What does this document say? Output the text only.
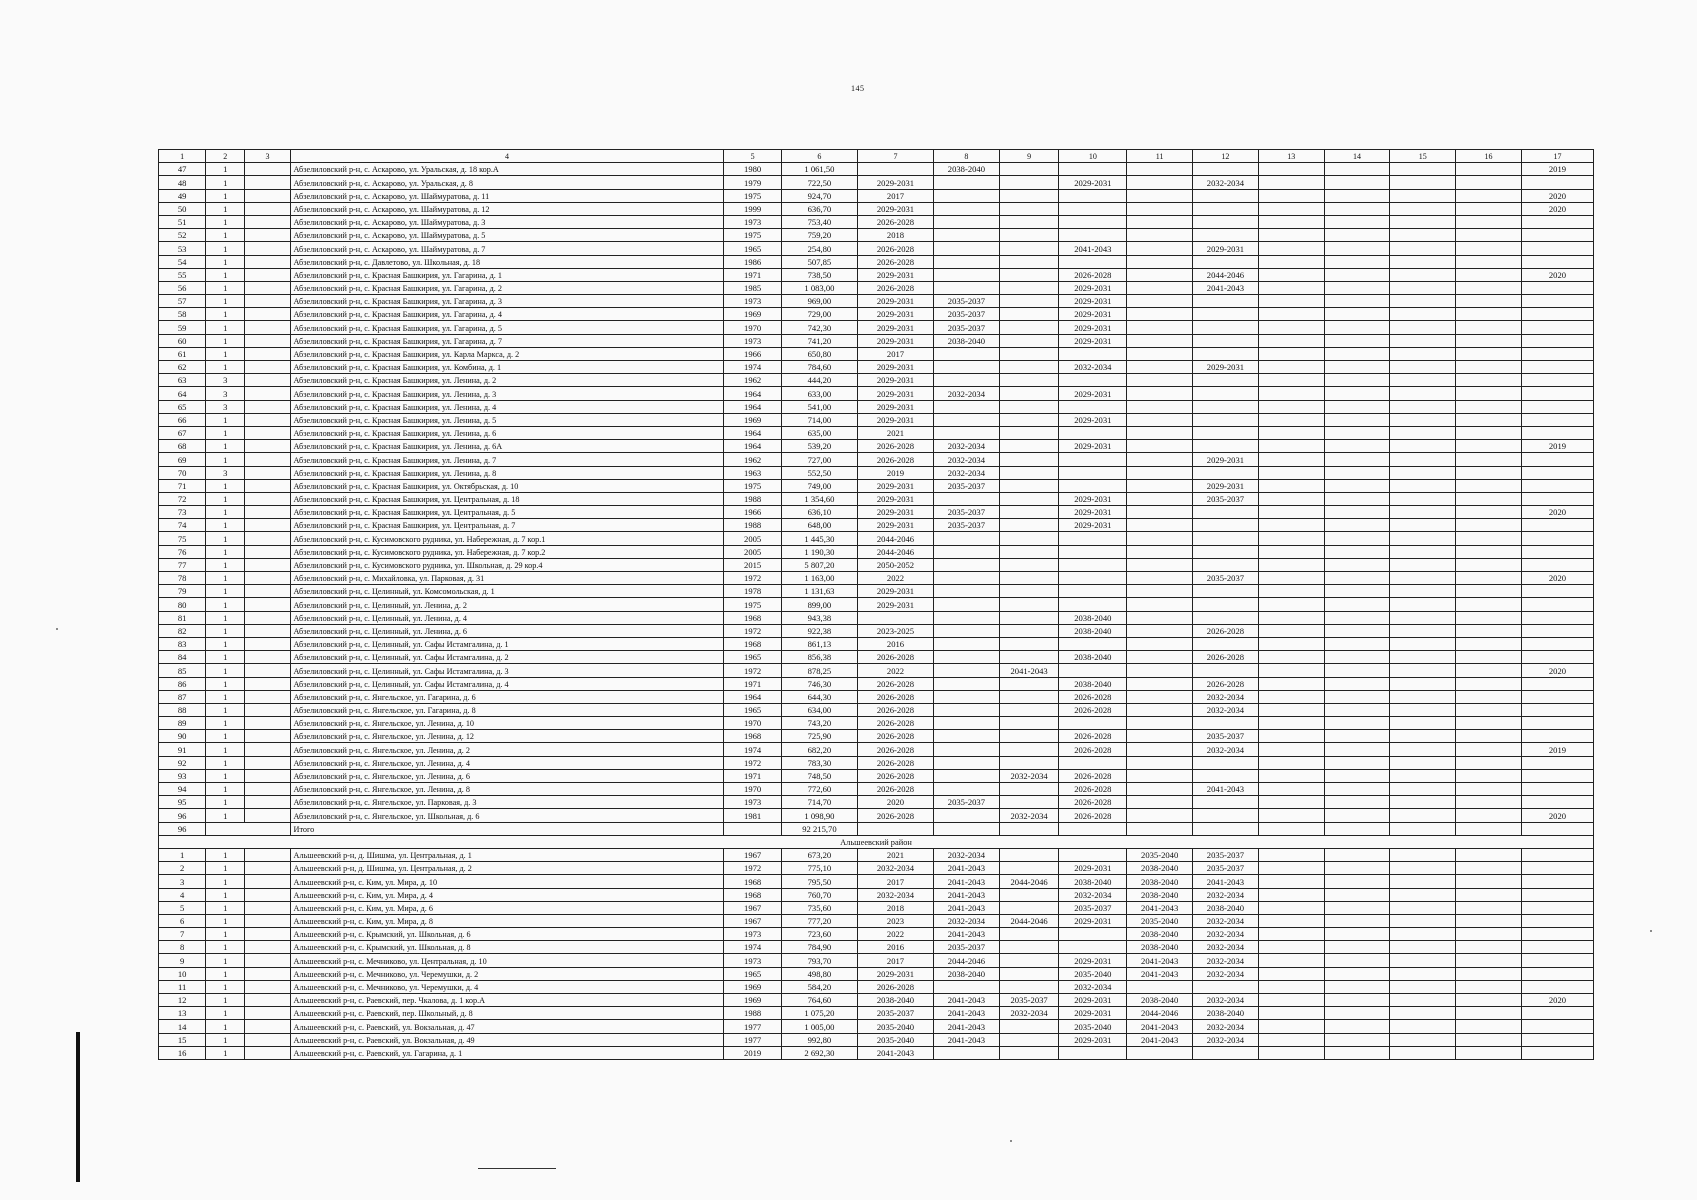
145
1	2	3	4	5	6	7	8	9	10	11	12	13	14	15	16	17
47	1		Абзелиловский р-н, с. Аскарово, ул. Уральская, д. 18 кор.А	1980	1 061,50		2038-2040									2019
48	1		Абзелиловский р-н, с. Аскарово, ул. Уральская, д. 8	1979	722,50	2029-2031			2029-2031		2032-2034					
49	1		Абзелиловский р-н, с. Аскарово, ул. Шаймуратова, д. 11	1975	924,70	2017										2020
50	1		Абзелиловский р-н, с. Аскарово, ул. Шаймуратова, д. 12	1999	636,70	2029-2031										2020
51	1		Абзелиловский р-н, с. Аскарово, ул. Шаймуратова, д. 3	1973	753,40	2026-2028										
52	1		Абзелиловский р-н, с. Аскарово, ул. Шаймуратова, д. 5	1975	759,20	2018										
53	1		Абзелиловский р-н, с. Аскарово, ул. Шаймуратова, д. 7	1965	254,80	2026-2028			2041-2043		2029-2031					
54	1		Абзелиловский р-н, с. Давлетово, ул. Школьная, д. 18	1986	507,85	2026-2028										
55	1		Абзелиловский р-н, с. Красная Башкирия, ул. Гагарина, д. 1	1971	738,50	2029-2031			2026-2028		2044-2046					2020
56	1		Абзелиловский р-н, с. Красная Башкирия, ул. Гагарина, д. 2	1985	1 083,00	2026-2028			2029-2031		2041-2043					
57	1		Абзелиловский р-н, с. Красная Башкирия, ул. Гагарина, д. 3	1973	969,00	2029-2031	2035-2037		2029-2031							
58	1		Абзелиловский р-н, с. Красная Башкирия, ул. Гагарина, д. 4	1969	729,00	2029-2031	2035-2037		2029-2031							
59	1		Абзелиловский р-н, с. Красная Башкирия, ул. Гагарина, д. 5	1970	742,30	2029-2031	2035-2037		2029-2031							
60	1		Абзелиловский р-н, с. Красная Башкирия, ул. Гагарина, д. 7	1973	741,20	2029-2031	2038-2040		2029-2031							
61	1		Абзелиловский р-н, с. Красная Башкирия, ул. Карла Маркса, д. 2	1966	650,80	2017										
62	1		Абзелиловский р-н, с. Красная Башкирия, ул. Комбина, д. 1	1974	784,60	2029-2031			2032-2034		2029-2031					
63	3		Абзелиловский р-н, с. Красная Башкирия, ул. Ленина, д. 2	1962	444,20	2029-2031										
64	3		Абзелиловский р-н, с. Красная Башкирия, ул. Ленина, д. 3	1964	633,00	2029-2031	2032-2034		2029-2031							
65	3		Абзелиловский р-н, с. Красная Башкирия, ул. Ленина, д. 4	1964	541,00	2029-2031										
66	1		Абзелиловский р-н, с. Красная Башкирия, ул. Ленина, д. 5	1969	714,00	2029-2031			2029-2031							
67	1		Абзелиловский р-н, с. Красная Башкирия, ул. Ленина, д. 6	1964	635,00	2021										
68	1		Абзелиловский р-н, с. Красная Башкирия, ул. Ленина, д. 6А	1964	539,20	2026-2028	2032-2034		2029-2031							2019
69	1		Абзелиловский р-н, с. Красная Башкирия, ул. Ленина, д. 7	1962	727,00	2026-2028	2032-2034				2029-2031					
70	3		Абзелиловский р-н, с. Красная Башкирия, ул. Ленина, д. 8	1963	552,50	2019	2032-2034									
71	1		Абзелиловский р-н, с. Красная Башкирия, ул. Октябрьская, д. 10	1975	749,00	2029-2031	2035-2037				2029-2031					
72	1		Абзелиловский р-н, с. Красная Башкирия, ул. Центральная, д. 18	1988	1 354,60	2029-2031			2029-2031		2035-2037					
73	1		Абзелиловский р-н, с. Красная Башкирия, ул. Центральная, д. 5	1966	636,10	2029-2031	2035-2037		2029-2031							2020
74	1		Абзелиловский р-н, с. Красная Башкирия, ул. Центральная, д. 7	1988	648,00	2029-2031	2035-2037		2029-2031							
75	1		Абзелиловский р-н, с. Кусимовского рудника, ул. Набережная, д. 7 кор.1	2005	1 445,30	2044-2046										
76	1		Абзелиловский р-н, с. Кусимовского рудника, ул. Набережная, д. 7 кор.2	2005	1 190,30	2044-2046										
77	1		Абзелиловский р-н, с. Кусимовского рудника, ул. Школьная, д. 29 кор.4	2015	5 807,20	2050-2052										
78	1		Абзелиловский р-н, с. Михайловка, ул. Парковая, д. 31	1972	1 163,00	2022					2035-2037					2020
79	1		Абзелиловский р-н, с. Целинный, ул. Комсомольская, д. 1	1978	1 131,63	2029-2031										
80	1		Абзелиловский р-н, с. Целинный, ул. Ленина, д. 2	1975	899,00	2029-2031										
81	1		Абзелиловский р-н, с. Целинный, ул. Ленина, д. 4	1968	943,38				2038-2040							
82	1		Абзелиловский р-н, с. Целинный, ул. Ленина, д. 6	1972	922,38	2023-2025			2038-2040		2026-2028					
83	1		Абзелиловский р-н, с. Целинный, ул. Сафы Истамгалина, д. 1	1968	861,13	2016										
84	1		Абзелиловский р-н, с. Целинный, ул. Сафы Истамгалина, д. 2	1965	856,38	2026-2028			2038-2040		2026-2028					
85	1		Абзелиловский р-н, с. Целинный, ул. Сафы Истамгалина, д. 3	1972	878,25	2022		2041-2043								2020
86	1		Абзелиловский р-н, с. Целинный, ул. Сафы Истамгалина, д. 4	1971	746,30	2026-2028			2038-2040		2026-2028					
87	1		Абзелиловский р-н, с. Янгельское, ул. Гагарина, д. 6	1964	644,30	2026-2028			2026-2028		2032-2034					
88	1		Абзелиловский р-н, с. Янгельское, ул. Гагарина, д. 8	1965	634,00	2026-2028			2026-2028		2032-2034					
89	1		Абзелиловский р-н, с. Янгельское, ул. Ленина, д. 10	1970	743,20	2026-2028										
90	1		Абзелиловский р-н, с. Янгельское, ул. Ленина, д. 12	1968	725,90	2026-2028			2026-2028		2035-2037					
91	1		Абзелиловский р-н, с. Янгельское, ул. Ленина, д. 2	1974	682,20	2026-2028			2026-2028		2032-2034					2019
92	1		Абзелиловский р-н, с. Янгельское, ул. Ленина, д. 4	1972	783,30	2026-2028										
93	1		Абзелиловский р-н, с. Янгельское, ул. Ленина, д. 6	1971	748,50	2026-2028		2032-2034	2026-2028							
94	1		Абзелиловский р-н, с. Янгельское, ул. Ленина, д. 8	1970	772,60	2026-2028			2026-2028		2041-2043					
95	1		Абзелиловский р-н, с. Янгельское, ул. Парковая, д. 3	1973	714,70	2020	2035-2037		2026-2028							
96	1		Абзелиловский р-н, с. Янгельское, ул. Школьная, д. 6	1981	1 098,90	2026-2028		2032-2034	2026-2028							2020
96			Итого		92 215,70											
Альшеевский район																
1	1		Альшеевский р-н, д. Шишма, ул. Центральная, д. 1	1967	673,20	2021	2032-2034			2035-2040	2035-2037					
2	1		Альшеевский р-н, д. Шишма, ул. Центральная, д. 2	1972	775,10	2032-2034	2041-2043		2029-2031	2038-2040	2035-2037					
3	1		Альшеевский р-н, с. Ким, ул. Мира, д. 10	1968	795,50	2017	2041-2043	2044-2046	2038-2040	2038-2040	2041-2043					
4	1		Альшеевский р-н, с. Ким, ул. Мира, д. 4	1968	760,70	2032-2034	2041-2043		2032-2034	2038-2040	2032-2034					
5	1		Альшеевский р-н, с. Ким, ул. Мира, д. 6	1967	735,60	2018	2041-2043		2035-2037	2041-2043	2038-2040					
6	1		Альшеевский р-н, с. Ким, ул. Мира, д. 8	1967	777,20	2023	2032-2034	2044-2046	2029-2031	2035-2040	2032-2034					
7	1		Альшеевский р-н, с. Крымский, ул. Школьная, д. 6	1973	723,60	2022	2041-2043			2038-2040	2032-2034					
8	1		Альшеевский р-н, с. Крымский, ул. Школьная, д. 8	1974	784,90	2016	2035-2037			2038-2040	2032-2034					
9	1		Альшеевский р-н, с. Мечниково, ул. Центральная, д. 10	1973	793,70	2017	2044-2046		2029-2031	2041-2043	2032-2034					
10	1		Альшеевский р-н, с. Мечниково, ул. Черемушки, д. 2	1965	498,80	2029-2031	2038-2040		2035-2040	2041-2043	2032-2034					
11	1		Альшеевский р-н, с. Мечниково, ул. Черемушки, д. 4	1969	584,20	2026-2028			2032-2034							
12	1		Альшеевский р-н, с. Раевский, пер. Чкалова, д. 1 кор.А	1969	764,60	2038-2040	2041-2043	2035-2037	2029-2031	2038-2040	2032-2034					2020
13	1		Альшеевский р-н, с. Раевский, пер. Школьный, д. 8	1988	1 075,20	2035-2037	2041-2043	2032-2034	2029-2031	2044-2046	2038-2040					
14	1		Альшеевский р-н, с. Раевский, ул. Вокзальная, д. 47	1977	1 005,00	2035-2040	2041-2043		2035-2040	2041-2043	2032-2034					
15	1		Альшеевский р-н, с. Раевский, ул. Вокзальная, д. 49	1977	992,80	2035-2040	2041-2043		2029-2031	2041-2043	2032-2034					
16	1		Альшеевский р-н, с. Раевский, ул. Гагарина, д. 1	2019	2 692,30	2041-2043										
